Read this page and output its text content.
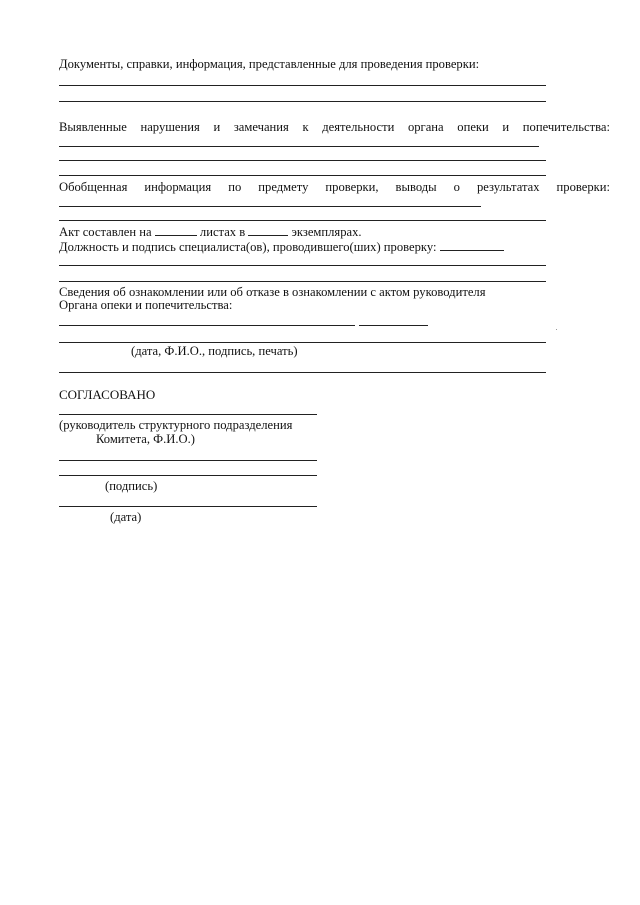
Документы, справки, информация, представленные для проведения проверки:
Выявленные нарушения и замечания к деятельности органа опеки и попечительства:
Обобщенная информация по предмету проверки, выводы о результатах проверки:
Акт составлен на	листах в	экземплярах.
Должность и подпись специалиста(ов), проводившего(ших) проверку:
Сведения об ознакомлении или об отказе в ознакомлении с актом руководителя
Органа опеки и попечительства:
(дата, Ф.И.О., подпись, печать)
СОГЛАСОВАНО
(руководитель структурного подразделения
Комитета, Ф.И.О.)
(подпись)
(дата)
